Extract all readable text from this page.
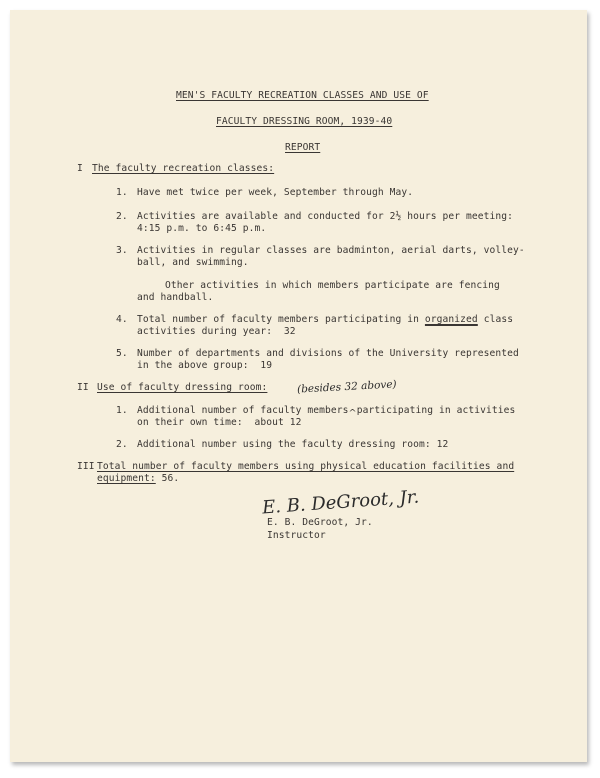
MEN'S FACULTY RECREATION CLASSES AND USE OF

FACULTY DRESSING ROOM, 1939-40

REPORT

I The faculty recreation classes:

1. Have met twice per week, September through May.

2. Activities are available and conducted for 2½ hours per meeting:

4:15 p.m. to 6:45 p.m.

3. Activities in regular classes are badminton, aerial darts, volley-

ball, and swimming.

Other activities in which members participate are fencing

and handball.

4. Total number of faculty members participating in organized class

activities during year:  32

5. Number of departments and divisions of the University represented

in the above group:  19

II Use of faculty dressing room:	(besides 32 above)

1. Additional number of faculty members^participating in activities

on their own time:  about 12

2. Additional number using the faculty dressing room: 12

III Total number of faculty members using physical education facilities and

equipment: 56.

E. B. DeGroot, Jr.

E. B. DeGroot, Jr.

Instructor
